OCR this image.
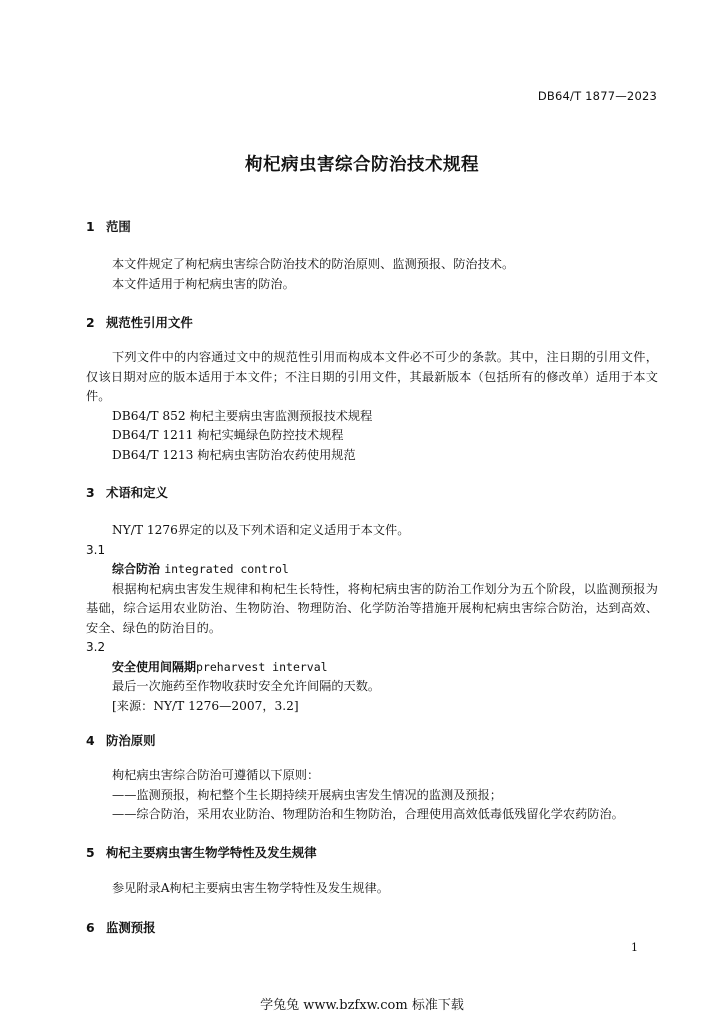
DB64/T 1877—2023
枸杞病虫害综合防治技术规程
1 范围

本文件规定了枸杞病虫害综合防治技术的防治原则、监测预报、防治技术。

本文件适用于枸杞病虫害的防治。

2 规范性引用文件

下列文件中的内容通过文中的规范性引用而构成本文件必不可少的条款。其中，注日期的引用文件，仅该日期对应的版本适用于本文件；不注日期的引用文件，其最新版本（包括所有的修改单）适用于本文件。

DB64/T 852 枸杞主要病虫害监测预报技术规程

DB64/T 1211 枸杞实蝇绿色防控技术规程

DB64/T 1213 枸杞病虫害防治农药使用规范

3 术语和定义

NY/T 1276界定的以及下列术语和定义适用于本文件。

3.1

综合防治 integrated control

根据枸杞病虫害发生规律和枸杞生长特性，将枸杞病虫害的防治工作划分为五个阶段，以监测预报为基础，综合运用农业防治、生物防治、物理防治、化学防治等措施开展枸杞病虫害综合防治，达到高效、安全、绿色的防治目的。

3.2

安全使用间隔期preharvest interval

最后一次施药至作物收获时安全允许间隔的天数。

[来源：NY/T 1276—2007，3.2]

4 防治原则

枸杞病虫害综合防治可遵循以下原则：

——监测预报，枸杞整个生长期持续开展病虫害发生情况的监测及预报；

——综合防治，采用农业防治、物理防治和生物防治，合理使用高效低毒低残留化学农药防治。

5 枸杞主要病虫害生物学特性及发生规律

参见附录A枸杞主要病虫害生物学特性及发生规律。

6 监测预报
1
学兔兔 www.bzfxw.com 标准下载
